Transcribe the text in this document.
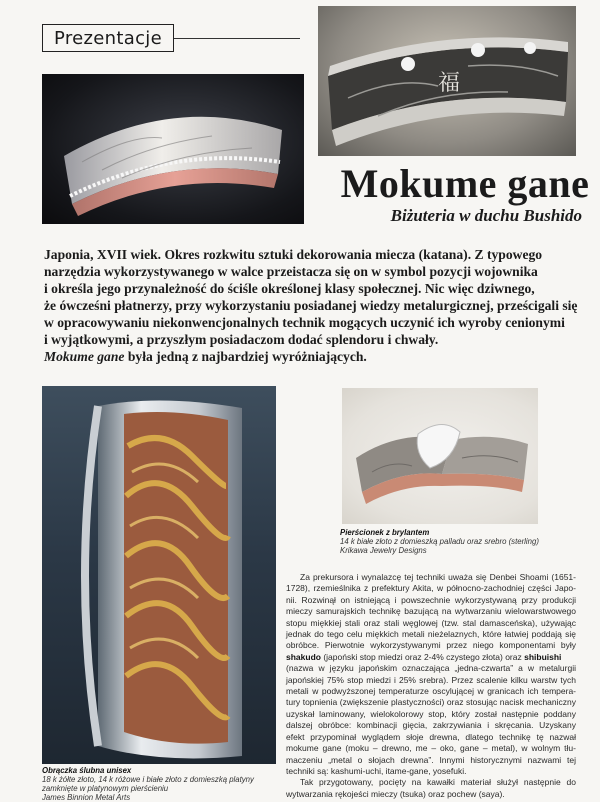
Prezentacje
福
Mokume gane
Biżuteria w duchu Bushido

Japonia, XVII wiek. Okres rozkwitu sztuki dekorowania miecza (katana). Z typowego

narzędzia wykorzystywanego w walce przeistacza się on w symbol pozycji wojownika

i określa jego przynależność do ściśle określonej klasy społecznej. Nic więc dziwnego,

że ówcześni płatnerzy, przy wykorzystaniu posiadanej wiedzy metalurgicznej, prześcigali się

w opracowywaniu niekonwencjonalnych technik mogących uczynić ich wyroby cenionymi

i wyjątkowymi, a przyszłym posiadaczom dodać splendoru i chwały.

Mokume gane była jedną z najbardziej wyróżniających.

Pierścionek z brylantem
14 k białe złoto z domieszką palladu oraz srebro (sterling)
Krikawa Jewelry Designs
Obrączka ślubna unisex
18 k żółte złoto, 14 k różowe i białe złoto z domieszką platyny
zamknięte w platynowym pierścieniu
James Binnion Metal Arts
Za prekursora i wynalazcę tej techniki uważa się Denbei Shoami (1651-
1728), rzemieślnika z prefektury Akita, w północno-zachodniej części Japo-
nii. Rozwinął on istniejącą i powszechnie wykorzystywaną przy produkcji
mieczy samurajskich technikę bazującą na wytwarzaniu wielowarstwowego
stopu miękkiej stali oraz stali węglowej (tzw. stal damasceńska), używając
jednak do tego celu miękkich metali nieżelaznych, które łatwiej poddają się
obróbce. Pierwotnie wykorzystywanymi przez niego komponentami były
shakudo (japoński stop miedzi oraz 2-4% czystego złota) oraz shibuishi
(nazwa w języku japońskim oznaczająca „jedna-czwarta” a w metalurgii
japońskiej 75% stop miedzi i 25% srebra). Przez scalenie kilku warstw tych
metali w podwyższonej temperaturze oscylującej w granicach ich tempera-
tury topnienia (zwiększenie plastyczności) oraz stosując nacisk mechaniczny
uzyskał laminowany, wielokolorowy stop, który został następnie poddany
dalszej obróbce: kombinacji gięcia, zakrzywiania i skręcania. Uzyskany
efekt przypominał wyglądem słoje drewna, dlatego technikę tę nazwał
mokume gane (moku – drewno, me – oko, gane – metal), w wolnym tłu-
maczeniu „metal o słojach drewna”. Innymi historycznymi nazwami tej
techniki są: kashumi-uchi, itame-gane, yosefuki.
Tak przygotowany, pocięty na kawałki materiał służył następnie do
wytwarzania rękojeści mieczy (tsuka) oraz pochew (saya).
